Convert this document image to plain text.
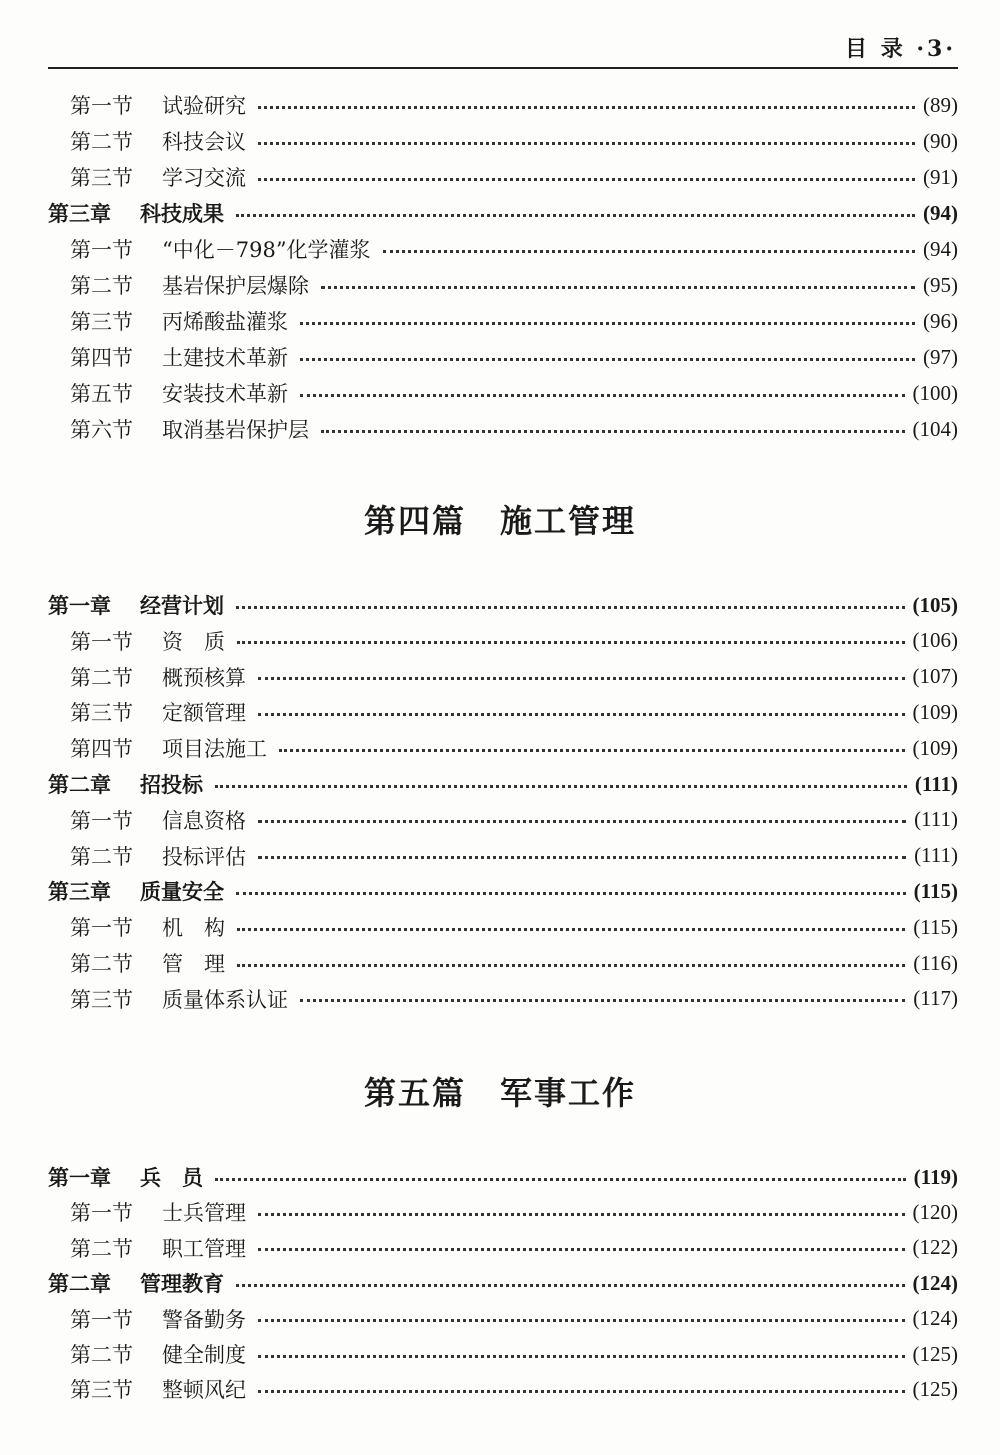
目 录 ·3·
第一节	试验研究	(89)
第二节	科技会议	(90)
第三节	学习交流	(91)
第三章	科技成果	(94)
第一节	“中化－798”化学灌浆	(94)
第二节	基岩保护层爆除	(95)
第三节	丙烯酸盐灌浆	(96)
第四节	土建技术革新	(97)
第五节	安装技术革新	(100)
第六节	取消基岩保护层	(104)
第四篇　施工管理
第一章	经营计划	(105)
第一节	资　质	(106)
第二节	概预核算	(107)
第三节	定额管理	(109)
第四节	项目法施工	(109)
第二章	招投标	(111)
第一节	信息资格	(111)
第二节	投标评估	(111)
第三章	质量安全	(115)
第一节	机　构	(115)
第二节	管　理	(116)
第三节	质量体系认证	(117)
第五篇　军事工作
第一章	兵　员	(119)
第一节	士兵管理	(120)
第二节	职工管理	(122)
第二章	管理教育	(124)
第一节	警备勤务	(124)
第二节	健全制度	(125)
第三节	整顿风纪	(125)
